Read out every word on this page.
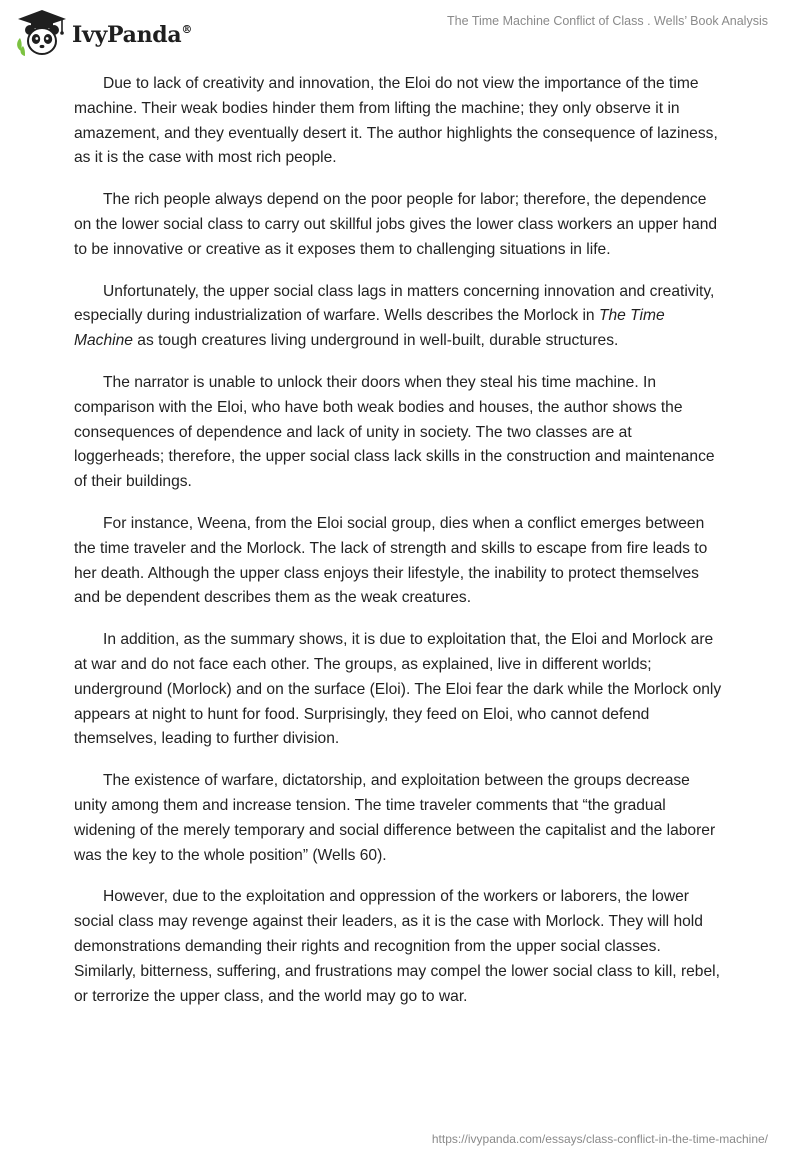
IvyPanda®
The Time Machine Conflict of Class . Wells’ Book Analysis

Due to lack of creativity and innovation, the Eloi do not view the importance of the time machine. Their weak bodies hinder them from lifting the machine; they only observe it in amazement, and they eventually desert it. The author highlights the consequence of laziness, as it is the case with most rich people.

The rich people always depend on the poor people for labor; therefore, the dependence on the lower social class to carry out skillful jobs gives the lower class workers an upper hand to be innovative or creative as it exposes them to challenging situations in life.

Unfortunately, the upper social class lags in matters concerning innovation and creativity, especially during industrialization of warfare. Wells describes the Morlock in The Time Machine as tough creatures living underground in well-built, durable structures.

The narrator is unable to unlock their doors when they steal his time machine. In comparison with the Eloi, who have both weak bodies and houses, the author shows the consequences of dependence and lack of unity in society. The two classes are at loggerheads; therefore, the upper social class lack skills in the construction and maintenance of their buildings.

For instance, Weena, from the Eloi social group, dies when a conflict emerges between the time traveler and the Morlock. The lack of strength and skills to escape from fire leads to her death. Although the upper class enjoys their lifestyle, the inability to protect themselves and be dependent describes them as the weak creatures.

In addition, as the summary shows, it is due to exploitation that, the Eloi and Morlock are at war and do not face each other. The groups, as explained, live in different worlds; underground (Morlock) and on the surface (Eloi). The Eloi fear the dark while the Morlock only appears at night to hunt for food. Surprisingly, they feed on Eloi, who cannot defend themselves, leading to further division.

The existence of warfare, dictatorship, and exploitation between the groups decrease unity among them and increase tension. The time traveler comments that “the gradual widening of the merely temporary and social difference between the capitalist and the laborer was the key to the whole position” (Wells 60).

However, due to the exploitation and oppression of the workers or laborers, the lower social class may revenge against their leaders, as it is the case with Morlock. They will hold demonstrations demanding their rights and recognition from the upper social classes. Similarly, bitterness, suffering, and frustrations may compel the lower social class to kill, rebel, or terrorize the upper class, and the world may go to war.

https://ivypanda.com/essays/class-conflict-in-the-time-machine/
